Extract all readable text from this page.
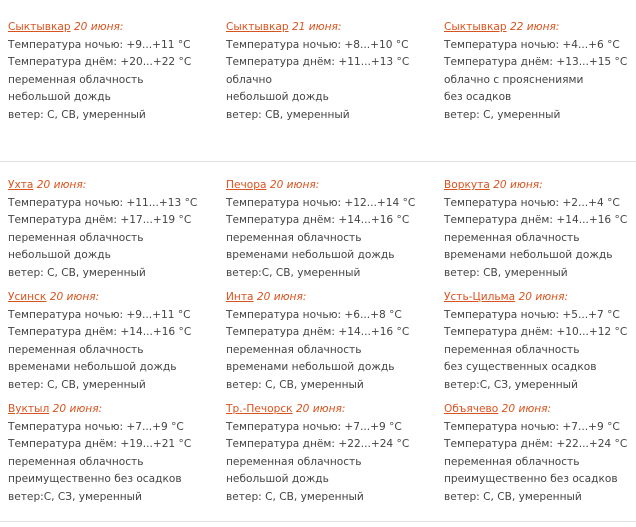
Сыктывкар 20 июня:
Температура ночью: +9...+11 °C
Температура днём: +20...+22 °C
переменная облачность
небольшой дождь
ветер: С, СВ, умеренный
Сыктывкар 21 июня:
Температура ночью: +8...+10 °C
Температура днём: +11...+13 °C
облачно
небольшой дождь
ветер: СВ, умеренный
Сыктывкар 22 июня:
Температура ночью: +4...+6 °C
Температура днём: +13...+15 °C
облачно с прояснениями
без осадков
ветер: С, умеренный
Ухта 20 июня:
Температура ночью: +11...+13 °C
Температура днём: +17...+19 °C
переменная облачность
небольшой дождь
ветер: С, СВ, умеренный
Печора 20 июня:
Температура ночью: +12...+14 °C
Температура днём: +14...+16 °C
переменная облачность
временами небольшой дождь
ветер:С, СВ, умеренный
Воркута 20 июня:
Температура ночью: +2...+4 °C
Температура днём: +14...+16 °C
переменная облачность
временами небольшой дождь
ветер: СВ, умеренный
Усинск 20 июня:
Температура ночью: +9...+11 °C
Температура днём: +14...+16 °C
переменная облачность
временами небольшой дождь
ветер: С, СВ, умеренный
Инта 20 июня:
Температура ночью: +6...+8 °C
Температура днём: +14...+16 °C
переменная облачность
временами небольшой дождь
ветер: С, СВ, умеренный
Усть-Цильма 20 июня:
Температура ночью: +5...+7 °C
Температура днём: +10...+12 °C
переменная облачность
без существенных осадков
ветер:С, СЗ, умеренный
Вуктыл 20 июня:
Температура ночью: +7...+9 °C
Температура днём: +19...+21 °C
переменная облачность
преимущественно без осадков
ветер:С, СЗ, умеренный
Тр.-Печорск 20 июня:
Температура ночью: +7...+9 °C
Температура днём: +22...+24 °C
переменная облачность
небольшой дождь
ветер: С, СВ, умеренный
Объячево 20 июня:
Температура ночью: +7...+9 °C
Температура днём: +22...+24 °C
переменная облачность
преимущественно без осадков
ветер: С, СВ, умеренный
